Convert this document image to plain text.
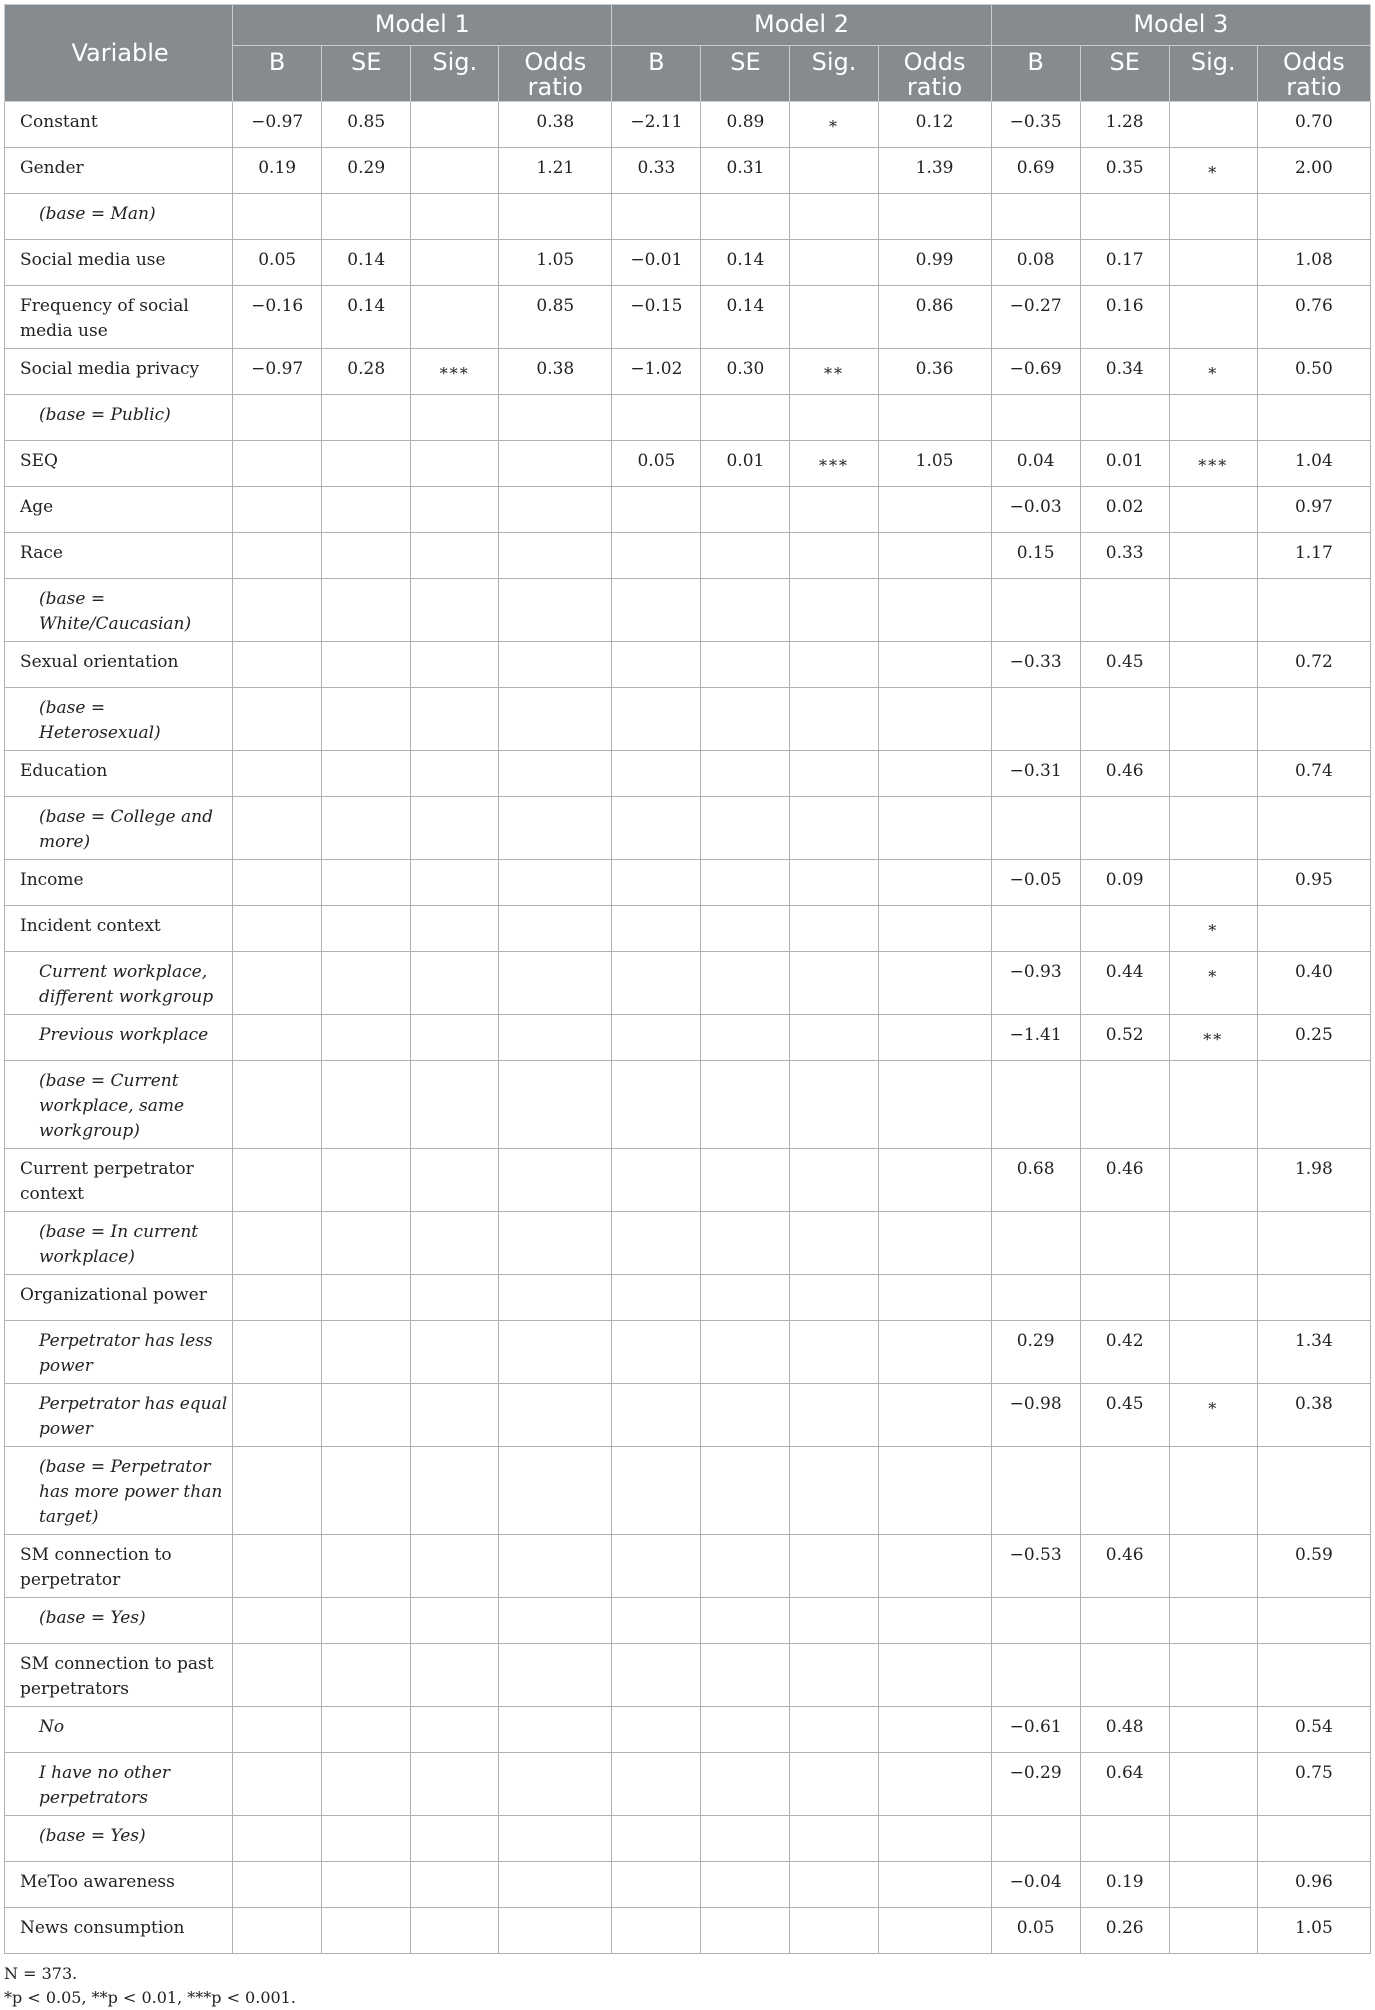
Variable	Model 1				Model 2				Model 3			
	B	SE	Sig.	Odds ratio	B	SE	Sig.	Odds ratio	B	SE	Sig.	Odds ratio
Constant	−0.97	0.85		0.38	−2.11	0.89	*	0.12	−0.35	1.28		0.70
Gender	0.19	0.29		1.21	0.33	0.31		1.39	0.69	0.35	*	2.00
(base = Man)												
Social media use	0.05	0.14		1.05	−0.01	0.14		0.99	0.08	0.17		1.08
Frequency of social media use	−0.16	0.14		0.85	−0.15	0.14		0.86	−0.27	0.16		0.76
Social media privacy	−0.97	0.28	***	0.38	−1.02	0.30	**	0.36	−0.69	0.34	*	0.50
(base = Public)												
SEQ					0.05	0.01	***	1.05	0.04	0.01	***	1.04
Age									−0.03	0.02		0.97
Race									0.15	0.33		1.17
(base = White/Caucasian)												
Sexual orientation									−0.33	0.45		0.72
(base = Heterosexual)												
Education									−0.31	0.46		0.74
(base = College and more)												
Income									−0.05	0.09		0.95
Incident context											*	
Current workplace, different workgroup									−0.93	0.44	*	0.40
Previous workplace									−1.41	0.52	**	0.25
(base = Current workplace, same workgroup)												
Current perpetrator context									0.68	0.46		1.98
(base = In current workplace)												
Organizational power												
Perpetrator has less power									0.29	0.42		1.34
Perpetrator has equal power									−0.98	0.45	*	0.38
(base = Perpetrator has more power than target)												
SM connection to perpetrator									−0.53	0.46		0.59
(base = Yes)												
SM connection to past perpetrators												
No									−0.61	0.48		0.54
I have no other perpetrators									−0.29	0.64		0.75
(base = Yes)												
MeToo awareness									−0.04	0.19		0.96
News consumption									0.05	0.26		1.05
N = 373.
*p < 0.05, **p < 0.01, ***p < 0.001.
